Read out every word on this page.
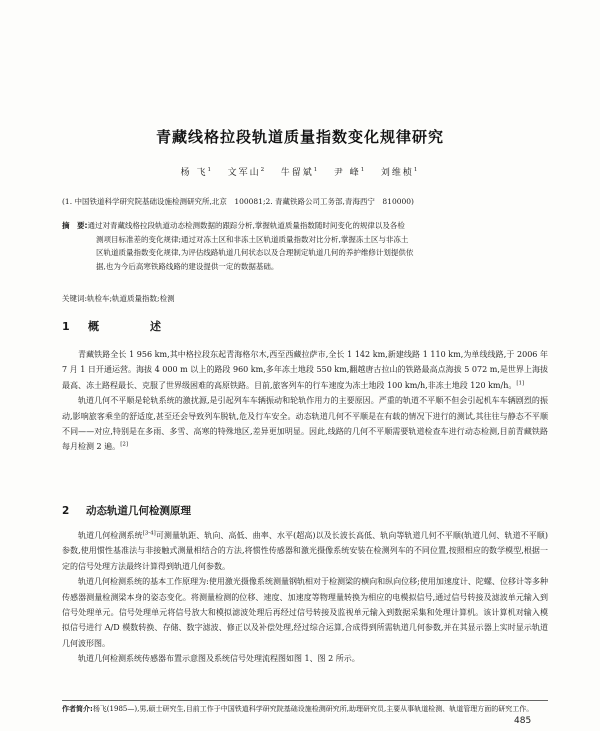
青藏线格拉段轨道质量指数变化规律研究
杨 飞$^1$ 文军山$^2$ 牛留斌$^1$ 尹 峰$^1$ 刘维桢$^1$
(1. 中国铁道科学研究院基础设施检测研究所,北京　100081;2. 青藏铁路公司工务部,青海西宁　810000)
摘　要:通过对青藏线格拉段轨道动态检测数据的跟踪分析,掌握轨道质量指数随时间变化的规律以及各检
测项目标准差的变化规律;通过对冻土区和非冻土区轨道质量指数对比分析,掌握冻土区与非冻土
区轨道质量指数变化规律,为评估线路轨道几何状态以及合理制定轨道几何的养护维修计划提供依
据,也为今后高寒铁路线路的建设提供一定的数据基础。
关键词:轨检车;轨道质量指数;检测
1 概　述

青藏铁路全长 1 956 km,其中格拉段东起青海格尔木,西至西藏拉萨市,全长 1 142 km,新建线路 1 110 km,为单线线路,于 2006 年 7 月 1 日开通运营。海拔 4 000 m 以上的路段 960 km,多年冻土地段 550 km,翻越唐古拉山的铁路最高点海拔 5 072 m,是世界上海拔最高、冻土路程最长、克服了世界级困难的高原铁路。目前,旅客列车的行车速度为冻土地段 100 km/h,非冻土地段 120 km/h。[1]

轨道几何不平顺是轮轨系统的激扰源,是引起列车车辆振动和轮轨作用力的主要原因。严重的轨道不平顺不但会引起机车车辆剧烈的振动,影响旅客乘坐的舒适度,甚至还会导致列车脱轨,危及行车安全。动态轨道几何不平顺是在有载的情况下进行的测试,其往往与静态不平顺不同——对应,特别是在多雨、多雪、高寒的特殊地区,差异更加明显。因此,线路的几何不平顺需要轨道检查车进行动态检测,目前青藏铁路每月检测 2 遍。[2]

2 动态轨道几何检测原理

轨道几何检测系统[3-4]可测量轨距、轨向、高低、曲率、水平(超高)以及长波长高低、轨向等轨道几何不平顺(轨道几何、轨道不平顺)参数,使用惯性基准法与非接触式测量相结合的方法,将惯性传感器和激光摄像系统安装在检测列车的不同位置,按照相应的数学模型,根据一定的信号处理方法最终计算得到轨道几何参数。

轨道几何检测系统的基本工作原理为:使用激光摄像系统测量钢轨相对于检测梁的横向和纵向位移;使用加速度计、陀螺、位移计等多种传感器测量检测梁本身的姿态变化。将测量检测的位移、速度、加速度等物理量转换为相应的电模拟信号,通过信号转接及滤波单元输入到信号处理单元。信号处理单元将信号放大和模拟滤波处理后再经过信号转接及监视单元输入到数据采集和处理计算机。该计算机对输入模拟信号进行 A/D 模数转换、存储、数字滤波、修正以及补偿处理,经过综合运算,合成得到所需轨道几何参数,并在其显示器上实时显示轨道几何波形图。

轨道几何检测系统传感器布置示意图及系统信号处理流程图如图 1、图 2 所示。

作者简介:杨飞(1985—),男,硕士研究生,目前工作于中国铁道科学研究院基础设施检测研究所,助理研究员,主要从事轨道检测、轨道管理方面的研究工作。
485
